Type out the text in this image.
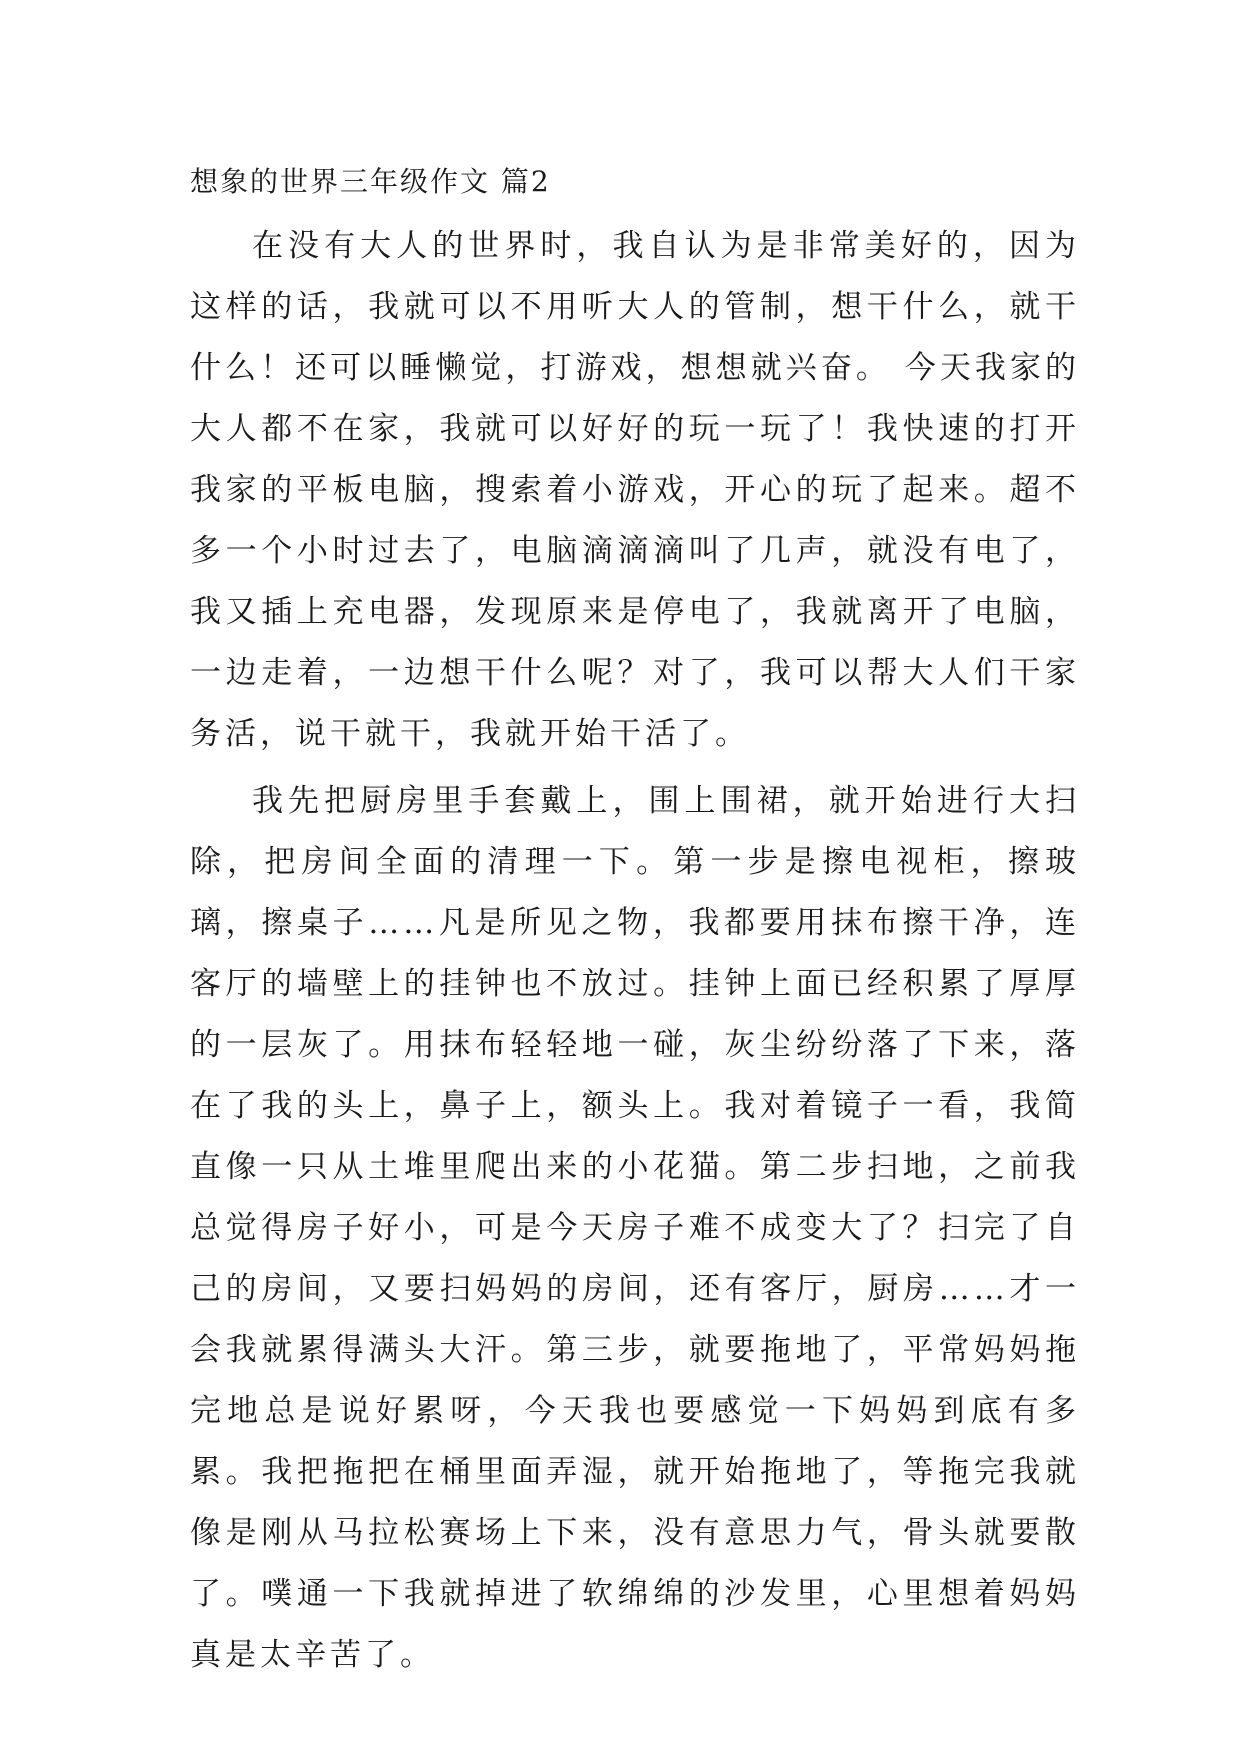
想象的世界三年级作文 篇2

在没有大人的世界时，我自认为是非常美好的，因为这样的话，我就可以不用听大人的管制，想干什么，就干什么！还可以睡懒觉，打游戏，想想就兴奋。 今天我家的大人都不在家，我就可以好好的玩一玩了！我快速的打开我家的平板电脑，搜索着小游戏，开心的玩了起来。超不多一个小时过去了，电脑滴滴滴叫了几声，就没有电了，我又插上充电器，发现原来是停电了，我就离开了电脑，一边走着，一边想干什么呢？对了，我可以帮大人们干家务活，说干就干，我就开始干活了。

我先把厨房里手套戴上，围上围裙，就开始进行大扫除，把房间全面的清理一下。第一步是擦电视柜，擦玻璃，擦桌子……凡是所见之物，我都要用抹布擦干净，连客厅的墙壁上的挂钟也不放过。挂钟上面已经积累了厚厚的一层灰了。用抹布轻轻地一碰，灰尘纷纷落了下来，落在了我的头上，鼻子上，额头上。我对着镜子一看，我简直像一只从土堆里爬出来的小花猫。第二步扫地，之前我总觉得房子好小，可是今天房子难不成变大了？扫完了自己的房间，又要扫妈妈的房间，还有客厅，厨房……才一会我就累得满头大汗。第三步，就要拖地了，平常妈妈拖完地总是说好累呀，今天我也要感觉一下妈妈到底有多累。我把拖把在桶里面弄湿，就开始拖地了，等拖完我就像是刚从马拉松赛场上下来，没有意思力气，骨头就要散了。噗通一下我就掉进了软绵绵的沙发里，心里想着妈妈真是太辛苦了。
